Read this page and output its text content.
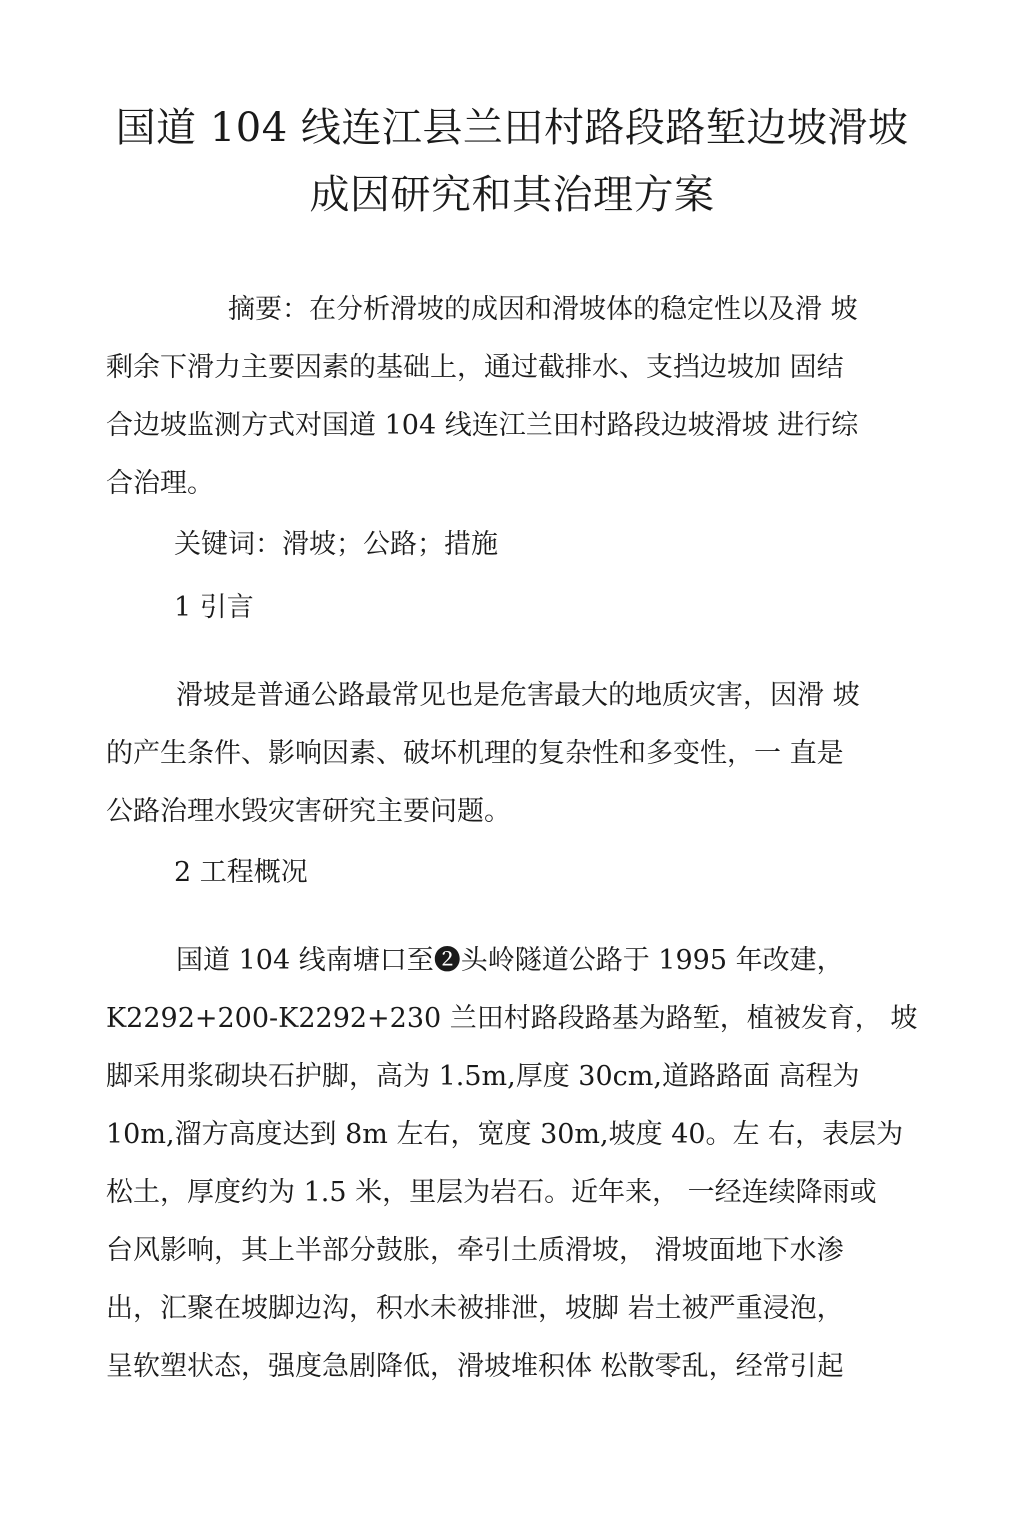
国道 104 线连江县兰田村路段路堑边坡滑坡
成因研究和其治理方案

摘要：在分析滑坡的成因和滑坡体的稳定性以及滑 坡

剩余下滑力主要因素的基础上，通过截排水、支挡边坡加 固结

合边坡监测方式对国道 104 线连江兰田村路段边坡滑坡 进行综

合治理。

关键词：滑坡；公路；措施

1 引言

滑坡是普通公路最常见也是危害最大的地质灾害，因滑 坡

的产生条件、影响因素、破坏机理的复杂性和多变性，一 直是

公路治理水毁灾害研究主要问题。

2 工程概况

国道 104 线南塘口至❷头岭隧道公路于 1995 年改建，

K2292+200-K2292+230 兰田村路段路基为路堑，植被发育， 坡

脚采用浆砌块石护脚，高为 1.5m,厚度 30cm,道路路面 高程为

10m,溜方高度达到 8m 左右，宽度 30m,坡度 40。左 右，表层为

松土，厚度约为 1.5 米，里层为岩石。近年来， 一经连续降雨或

台风影响，其上半部分鼓胀，牵引土质滑坡， 滑坡面地下水渗

出，汇聚在坡脚边沟，积水未被排泄，坡脚 岩土被严重浸泡，

呈软塑状态，强度急剧降低，滑坡堆积体 松散零乱，经常引起
